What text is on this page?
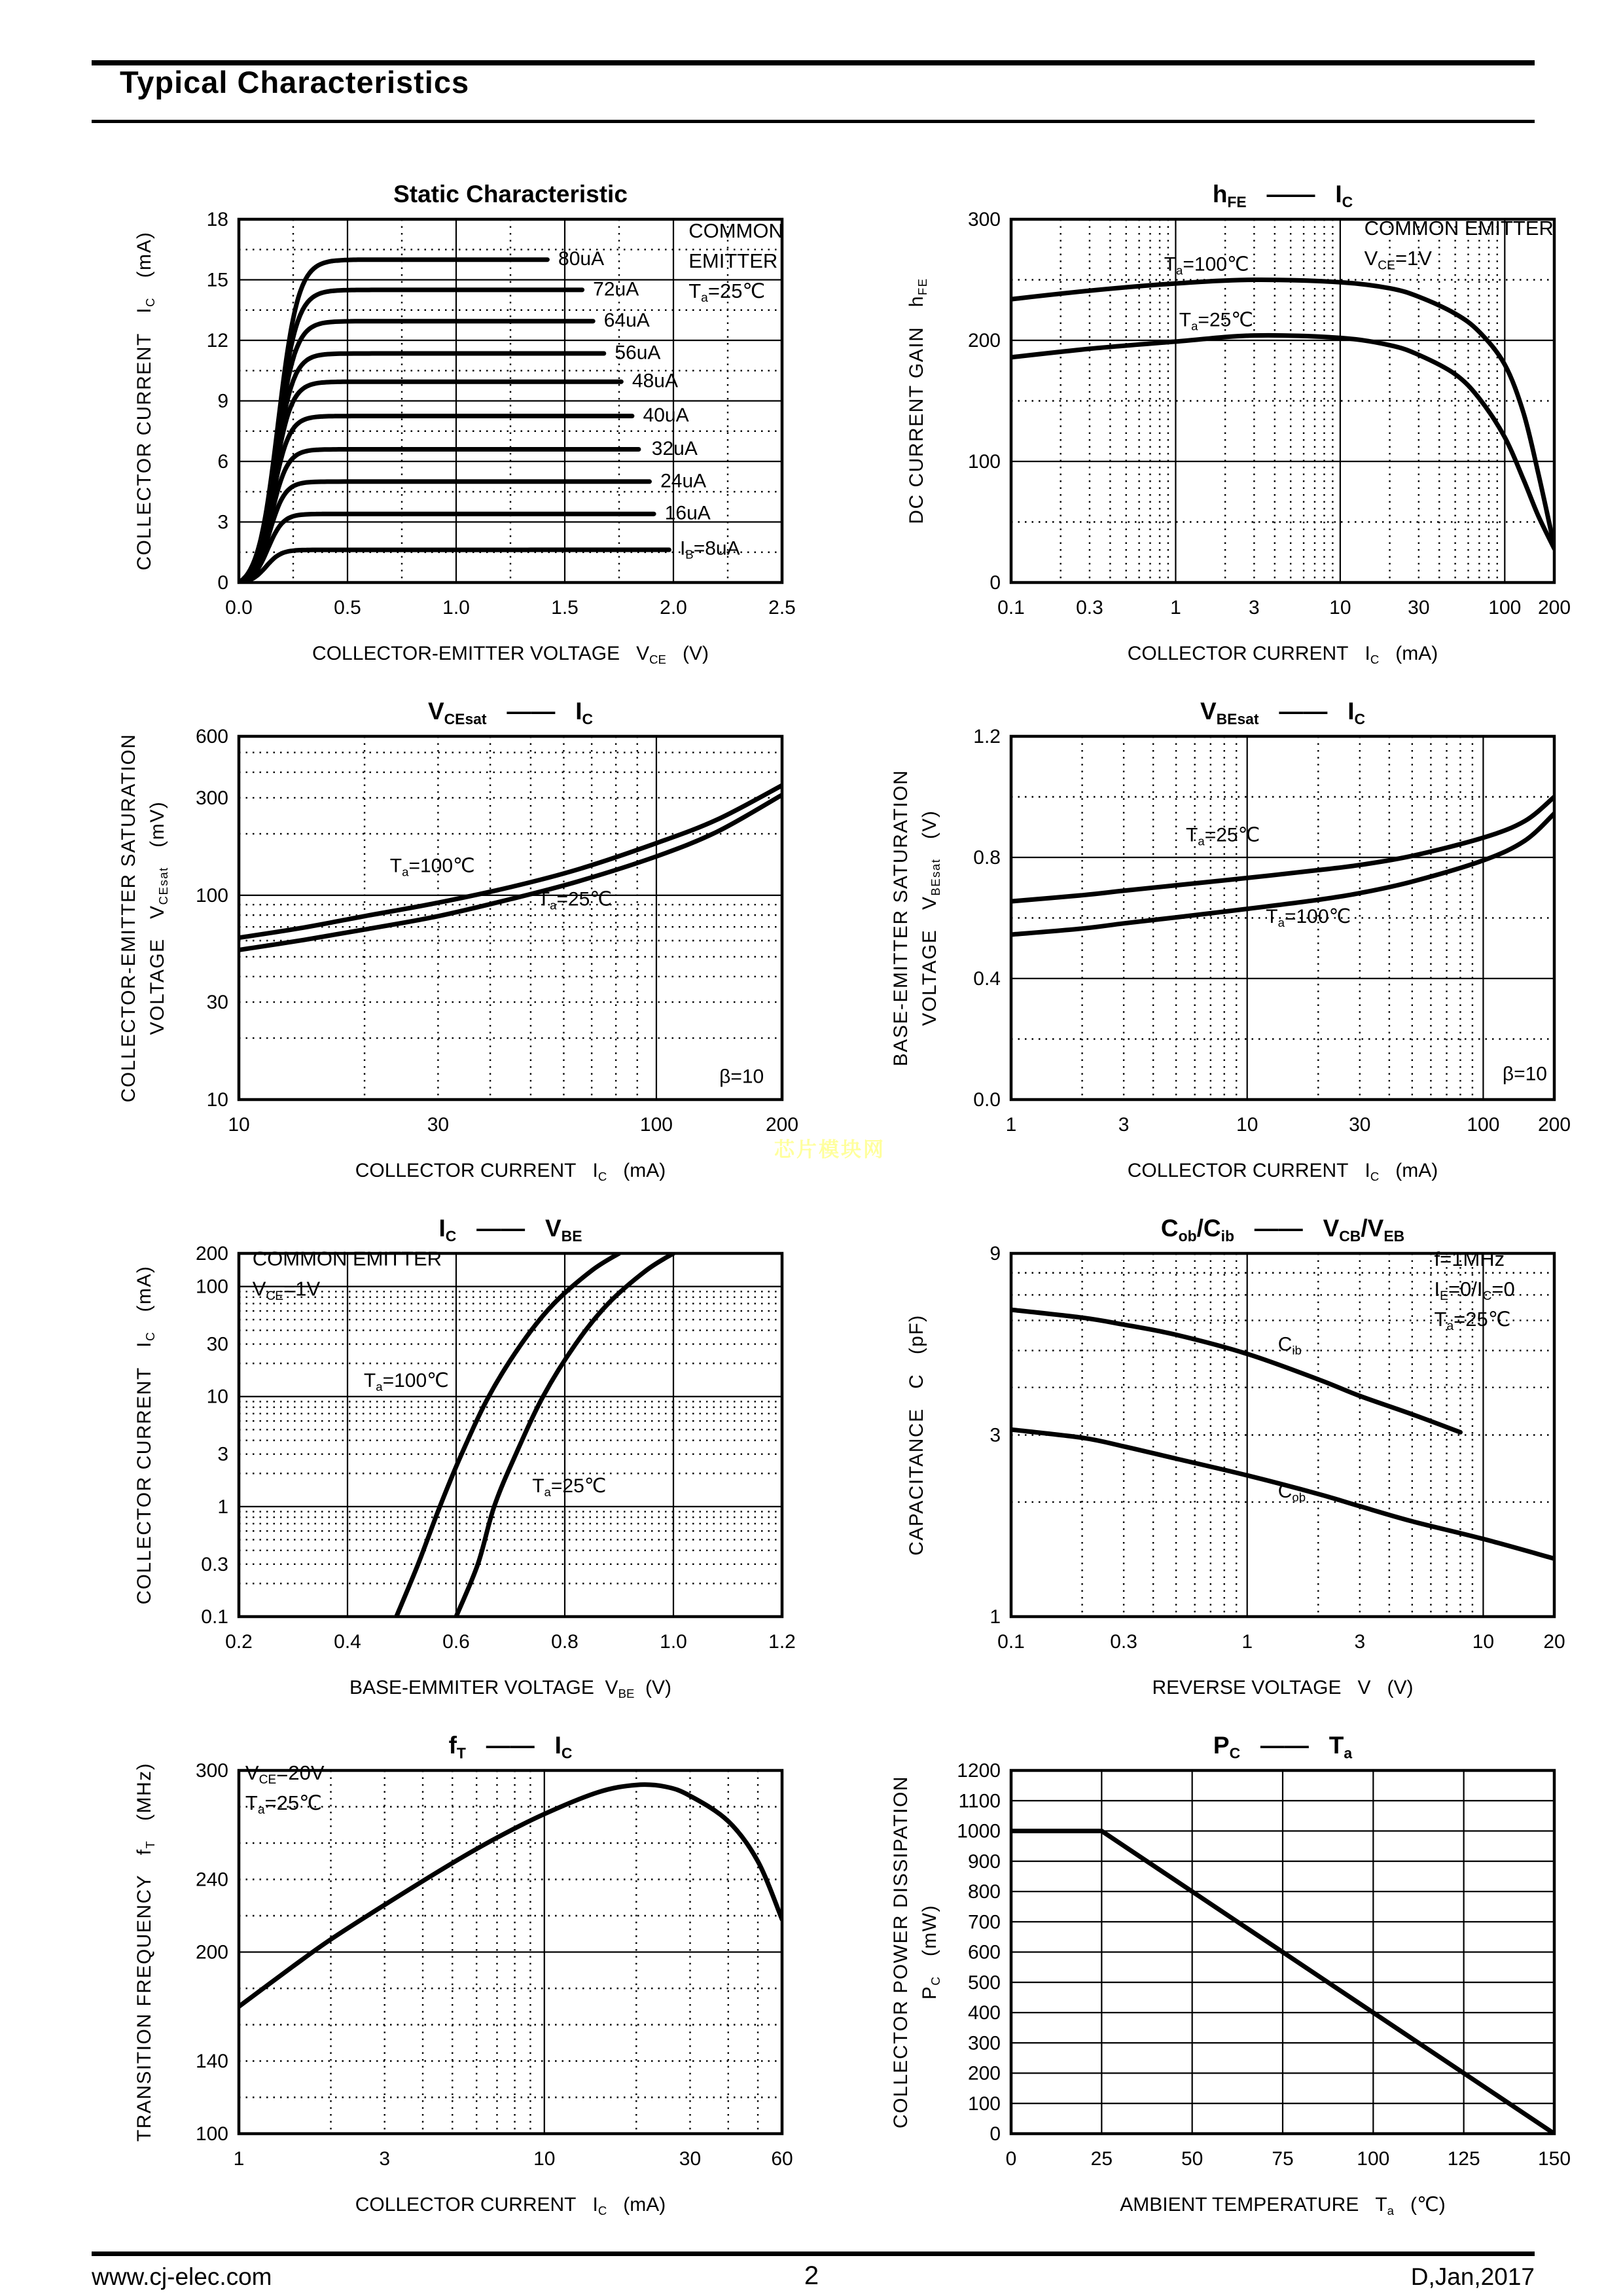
Typical Characteristics
Static Characteristic
0.0	0.5	1.0	1.5	2.0	2.5
0
3
6
9
12
15
18
COLLECTOR-EMITTER VOLTAGE   $V_{CE}$   (V)
COLLECTOR CURRENT   $I_C$   (mA)
COMMON
EMITTER
$T_a=25℃$
80uA
72uA
64uA
56uA
48uA
40uA
32uA
24uA
16uA
$I_B=8uA$
$h_{FE}$   ——   $I_C$
0.1	0.3	1	3	10	30	100 200
0
100
200
300
COLLECTOR CURRENT   $I_C$   (mA)
DC CURRENT GAIN   $h_{FE}$
COMMON EMITTER
$V_{CE}=1V$
$T_a=100℃$
$T_a=25℃$
$V_{CEsat}$   ——   $I_C$
10	30	100	200
10
30
100
300
600
COLLECTOR CURRENT   $I_C$   (mA)
COLLECTOR-EMITTER SATURATION VOLTAGE   $V_{CEsat}$   (mV)	$T_a=100℃$
$T_a=25℃$
β=10
$V_{BEsat}$   ——   $I_C$
1	3	10	30	100 200
0.0
0.4
0.8
1.2
COLLECTOR CURRENT   $I_C$   (mA)
BASE-EMITTER SATURATION VOLTAGE   $V_{BEsat}$   (V)	$T_a=25℃$
$T_a=100℃$
β=10
$I_C$   ——   $V_{BE}$
0.2	0.4	0.6	0.8	1.0	1.2
0.1
0.3
1
3
10
30
100
200
BASE-EMMITER VOLTAGE  $V_{BE}$  (V)
COLLECTOR CURRENT   $I_C$   (mA)
COMMON EMITTER
$V_{CE}=1V$
$T_a=100℃$
$T_a=25℃$
$C_{ob}/C_{ib}$   ——   $V_{CB}/V_{EB}$
0.1	0.3	1	3	10	20
1
3
9
REVERSE VOLTAGE   V   (V)
CAPACITANCE   C   (pF)
f=1MHz
$I_E=0/I_C=0$
$T_a=25℃$
$C_{ib}$
$C_{ob}$
$f_T$   ——   $I_C$
1	3	10	30	60
100
140
200
240
300
COLLECTOR CURRENT   $I_C$   (mA)
TRANSITION FREQUENCY   $f_T$   (MHz)	$V_{CE}=20V$
$T_a=25℃$
$P_C$   ——   $T_a$
0	25	50	75	100	125	150
0
100
200
300
400
500
600
700
800
900
1000
1100
1200
AMBIENT TEMPERATURE   $T_a$   (℃)
COLLECTOR POWER DISSIPATION $P_C$   (mW)
芯片模块网
www.cj-elec.com	2	D,Jan,2017
